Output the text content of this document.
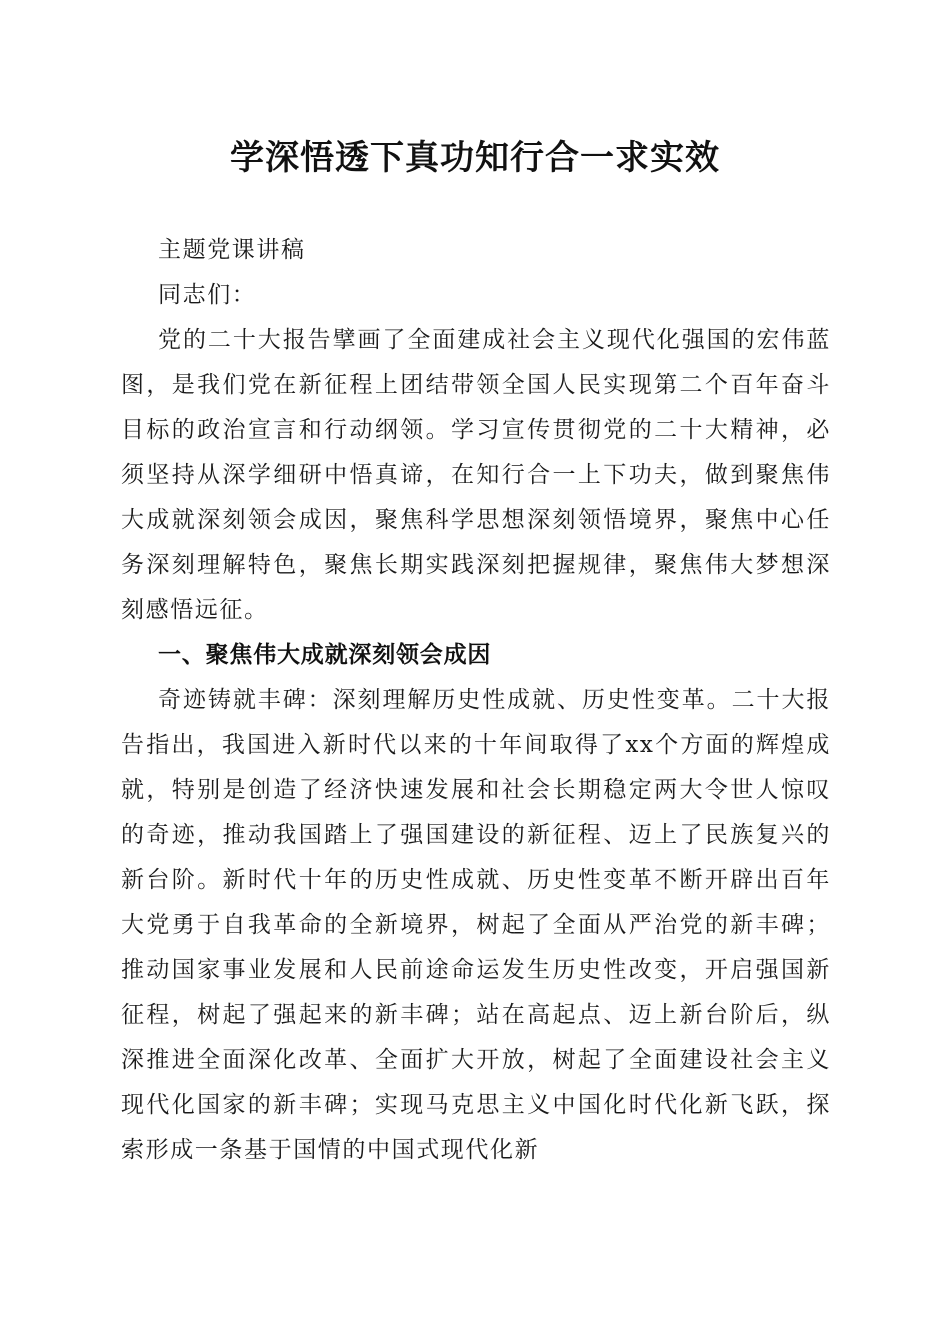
学深悟透下真功知行合一求实效

主题党课讲稿

同志们：

党的二十大报告擘画了全面建成社会主义现代化强国的宏伟蓝图，是我们党在新征程上团结带领全国人民实现第二个百年奋斗目标的政治宣言和行动纲领。学习宣传贯彻党的二十大精神，必须坚持从深学细研中悟真谛，在知行合一上下功夫，做到聚焦伟大成就深刻领会成因，聚焦科学思想深刻领悟境界，聚焦中心任务深刻理解特色，聚焦长期实践深刻把握规律，聚焦伟大梦想深刻感悟远征。

一、聚焦伟大成就深刻领会成因

奇迹铸就丰碑：深刻理解历史性成就、历史性变革。二十大报告指出，我国进入新时代以来的十年间取得了xx个方面的辉煌成就，特别是创造了经济快速发展和社会长期稳定两大令世人惊叹的奇迹，推动我国踏上了强国建设的新征程、迈上了民族复兴的新台阶。新时代十年的历史性成就、历史性变革不断开辟出百年大党勇于自我革命的全新境界，树起了全面从严治党的新丰碑；推动国家事业发展和人民前途命运发生历史性改变，开启强国新征程，树起了强起来的新丰碑；站在高起点、迈上新台阶后，纵深推进全面深化改革、全面扩大开放，树起了全面建设社会主义现代化国家的新丰碑；实现马克思主义中国化时代化新飞跃，探索形成一条基于国情的中国式现代化新
